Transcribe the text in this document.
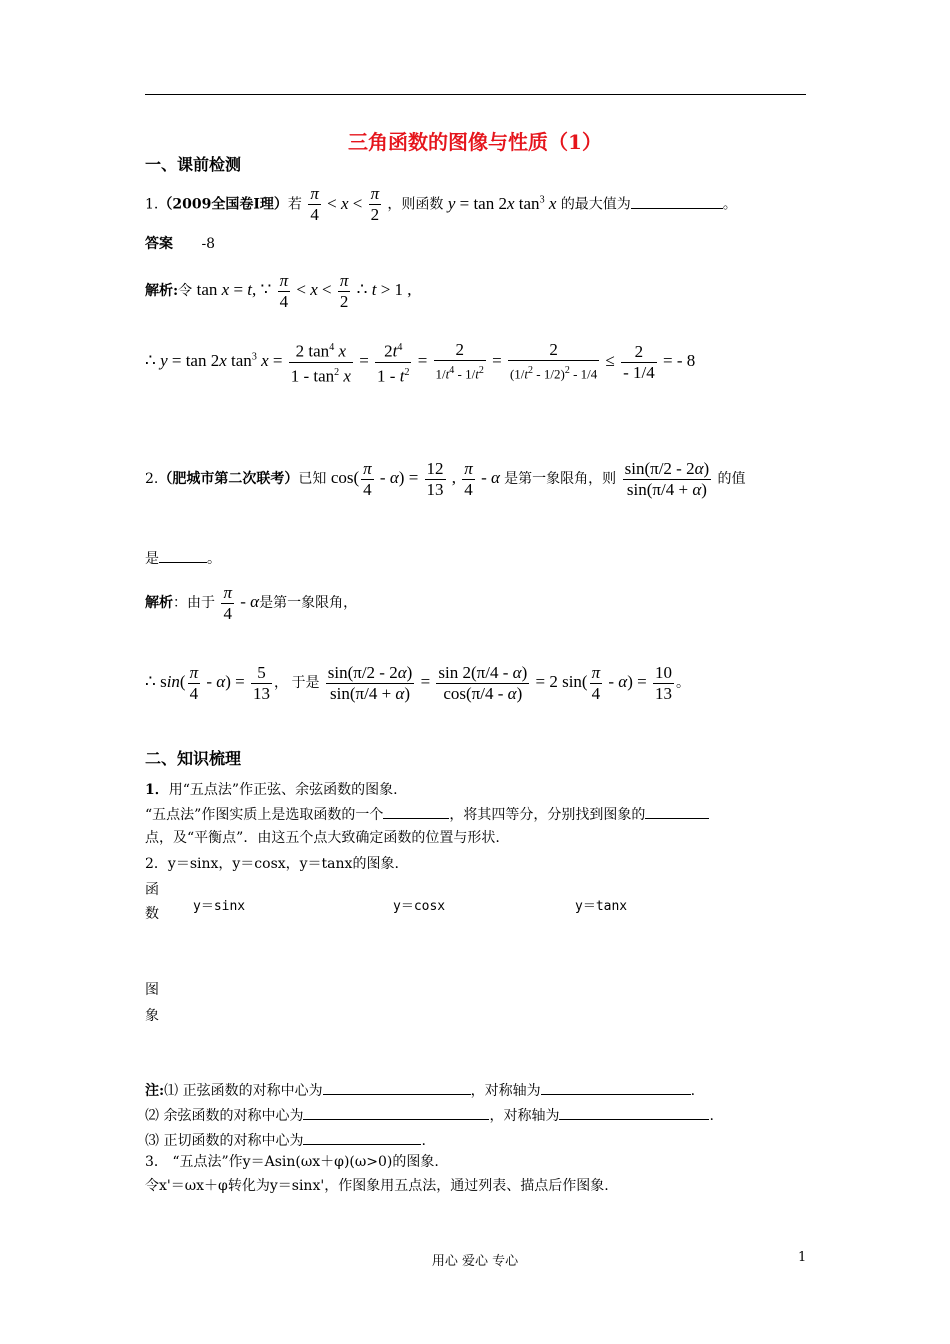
三角函数的图像与性质（1）
一、课前检测
1.（2009全国卷Ⅰ理）若 $\frac{\pi}{4} < x < \frac{\pi}{2}$ ，则函数 y = tan 2x $\tan^3 x$ 的最大值为	。
答案 -8
解析:令 tan x = t, ∵ $\frac{\pi}{4} < x < \frac{\pi}{2}$ ∴ t > 1 ,
∴ y = tan 2x $\tan^3 x = \frac{2 \tan^4 x}{1 - \tan^2 x} = \frac{2t^4}{1 - t^2} = \frac{2}{1/t^4 - 1/t^2} = \frac{2}{(1/t^2 - 1/2)^2 - 1/4} \le \frac{2}{- 1/4}$ = - 8
2.（肥城市第二次联考）已知 $\cos( \frac{\pi}{4} - \alpha) = \frac{12}{13}$ , $\frac{\pi}{4}$ - α 是第一象限角，则 $\frac{\sin(\pi/2 - 2\alpha)}{\sin(\pi/4 + \alpha)}$ 的值
是	。
解析：由于 $\frac{\pi}{4}$ - α是第一象限角，
∴ $\sin( \frac{\pi}{4} - \alpha) = \frac{5}{13}$ ， 于是 $\frac{\sin(\pi/2 - 2\alpha)}{\sin(\pi/4 + \alpha)} = \frac{\sin 2(\pi/4 - \alpha)}{\cos(\pi/4 - \alpha)} = 2$ $\sin( \frac{\pi}{4} - \alpha) = \frac{10}{13}$ 。
二、知识梳理
1．用“五点法”作正弦、余弦函数的图象.
“五点法”作图实质上是选取函数的一个	，将其四等分，分别找到图象的
点，及“平衡点”．由这五个点大致确定函数的位置与形状.
2．y＝sinx，y＝cosx，y＝tanx的图象.
函
数	y＝sinx	y＝cosx	y＝tanx
图
象
注:⑴ 正弦函数的对称中心为	，对称轴为	.
⑵ 余弦函数的对称中心为	，对称轴为	.
⑶ 正切函数的对称中心为	.
3． “五点法”作y＝Asin(ωx＋φ)(ω>0)的图象.
令x'＝ωx＋φ转化为y＝sinx'，作图象用五点法，通过列表、描点后作图象.
用心 爱心 专心	1
